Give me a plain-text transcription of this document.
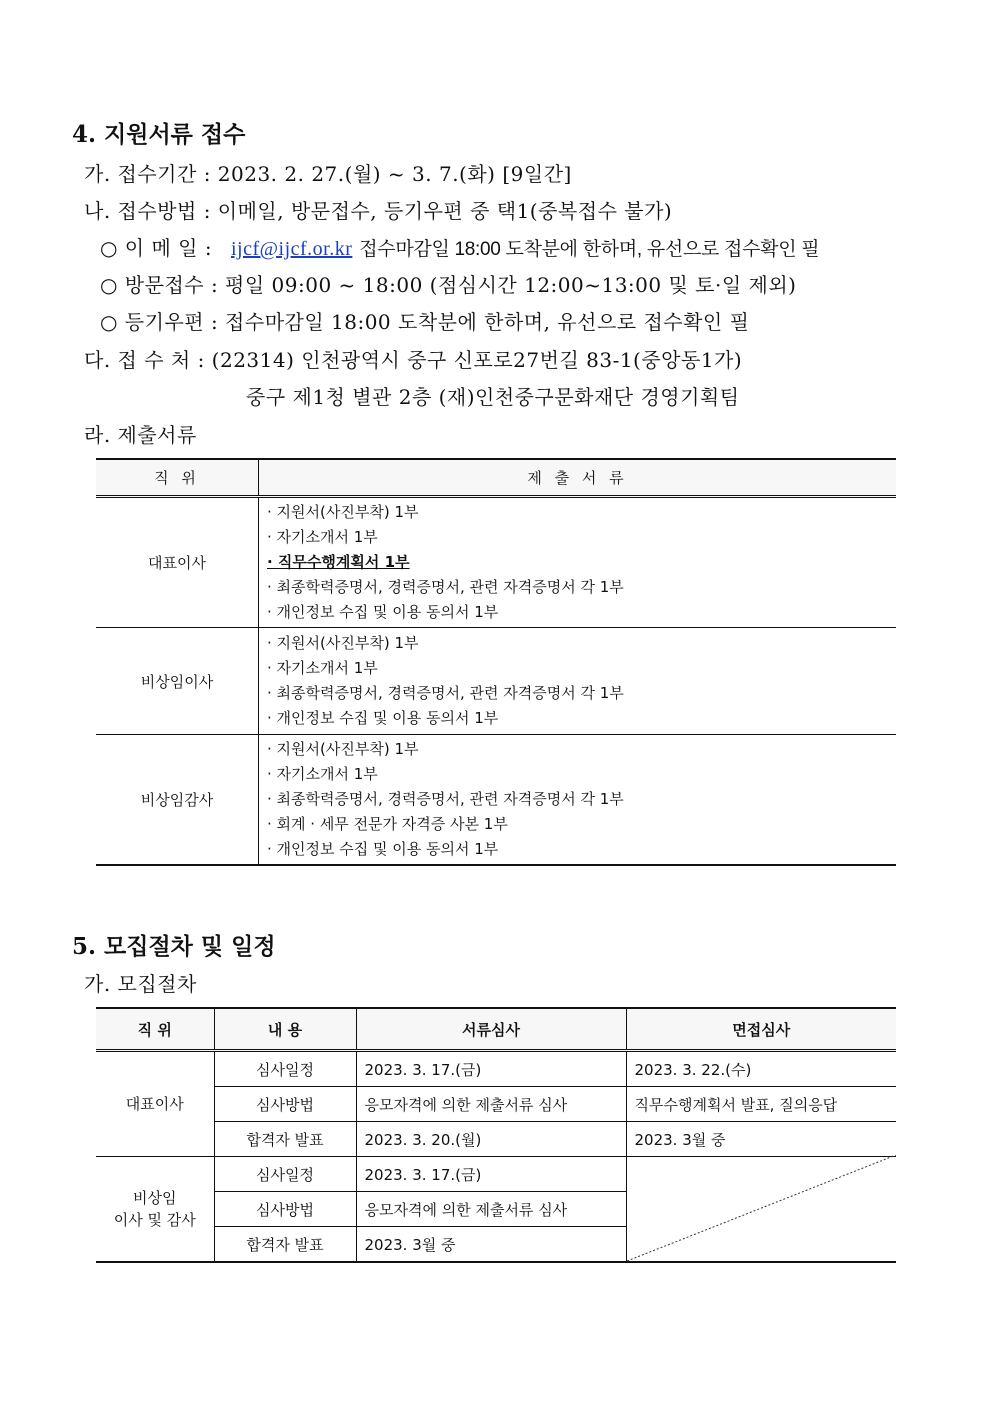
4. 지원서류 접수
가. 접수기간 : 2023. 2. 27.(월) ~ 3. 7.(화) [9일간]
나. 접수방법 : 이메일, 방문접수, 등기우편 중 택1(중복접수 불가)
○ 이 메 일 : ijcf@ijcf.or.kr 접수마감일 18:00 도착분에 한하며, 유선으로 접수확인 필
○ 방문접수 : 평일 09:00 ~ 18:00 (점심시간 12:00~13:00 및 토·일 제외)
○ 등기우편 : 접수마감일 18:00 도착분에 한하며, 유선으로 접수확인 필
다. 접 수 처 : (22314) 인천광역시 중구 신포로27번길 83-1(중앙동1가)
중구 제1청 별관 2층 (재)인천중구문화재단 경영기획팀
라. 제출서류
직 위	제 출 서 류
대표이사	· 지원서(사진부착) 1부
· 자기소개서 1부
· 직무수행계획서 1부
· 최종학력증명서, 경력증명서, 관련 자격증명서 각 1부
· 개인정보 수집 및 이용 동의서 1부

비상임이사	· 지원서(사진부착) 1부
· 자기소개서 1부
· 최종학력증명서, 경력증명서, 관련 자격증명서 각 1부
· 개인정보 수집 및 이용 동의서 1부

비상임감사	· 지원서(사진부착) 1부
· 자기소개서 1부
· 최종학력증명서, 경력증명서, 관련 자격증명서 각 1부
· 회계 · 세무 전문가 자격증 사본 1부
· 개인정보 수집 및 이용 동의서 1부
5. 모집절차 및 일정
가. 모집절차
직 위	내 용	서류심사	면접심사
대표이사	심사일정	2023. 3. 17.(금)	2023. 3. 22.(수)
	심사방법	응모자격에 의한 제출서류 심사	직무수행계획서 발표, 질의응답
	합격자 발표	2023. 3. 20.(월)	2023. 3월 중

비상임
이사 및 감사	심사일정	2023. 3. 17.(금)	
	심사방법	응모자격에 의한 제출서류 심사	
	합격자 발표	2023. 3월 중	
